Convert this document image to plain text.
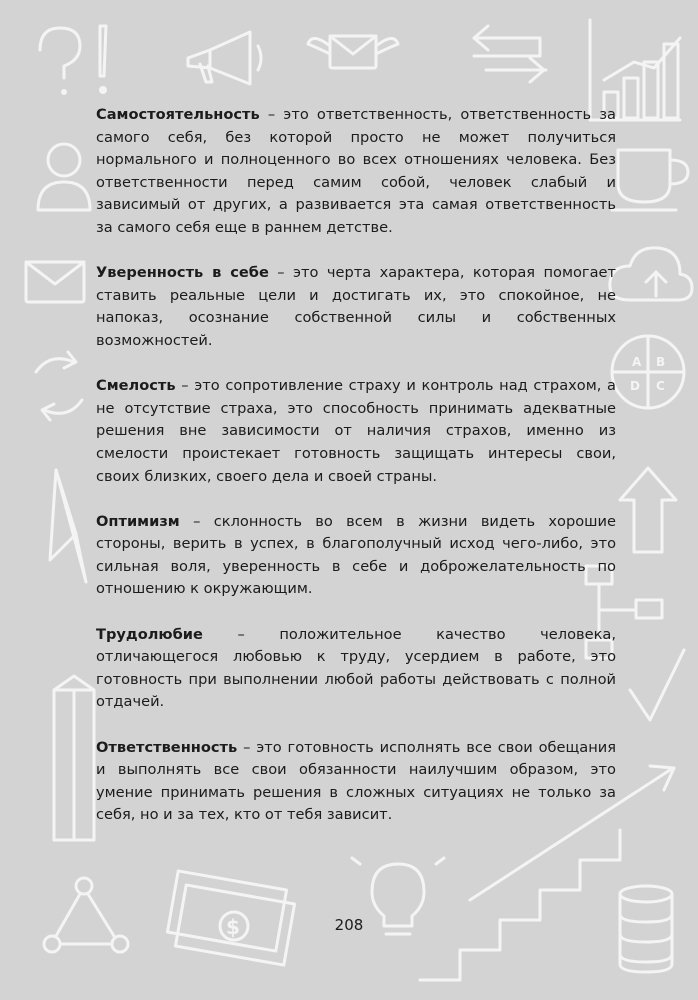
A B
C
D
$

Самостоятельность – это ответственность, ответственность за самого себя, без которой просто не может получиться нормального и полноценного во всех отношениях человека. Без ответственности перед самим собой, человек слабый и зависимый от других, а развивается эта самая ответственность за самого себя еще в раннем детстве.

Уверенность в себе – это черта характера, которая помогает ставить реальные цели и достигать их, это спокойное, не напоказ, осознание собственной силы и собственных возможностей.

Смелость – это сопротивление страху и контроль над страхом, а не отсутствие страха, это способность принимать адекватные решения вне зависимости от наличия страхов, именно из смелости проистекает готовность защищать интересы свои, своих близких, своего дела и своей страны.

Оптимизм – склонность во всем в жизни видеть хорошие стороны, верить в успех, в благополучный исход чего-либо, это сильная воля, уверенность в себе и доброжелательность по отношению к окружающим.

Трудолюбие – положительное качество человека, отличающегося любовью к труду, усердием в работе, это готовность при выполнении любой работы действовать с полной отдачей.

Ответственность – это готовность исполнять все свои обещания и выполнять все свои обязанности наилучшим образом, это умение принимать решения в сложных ситуациях не только за себя, но и за тех, кто от тебя зависит.

208
